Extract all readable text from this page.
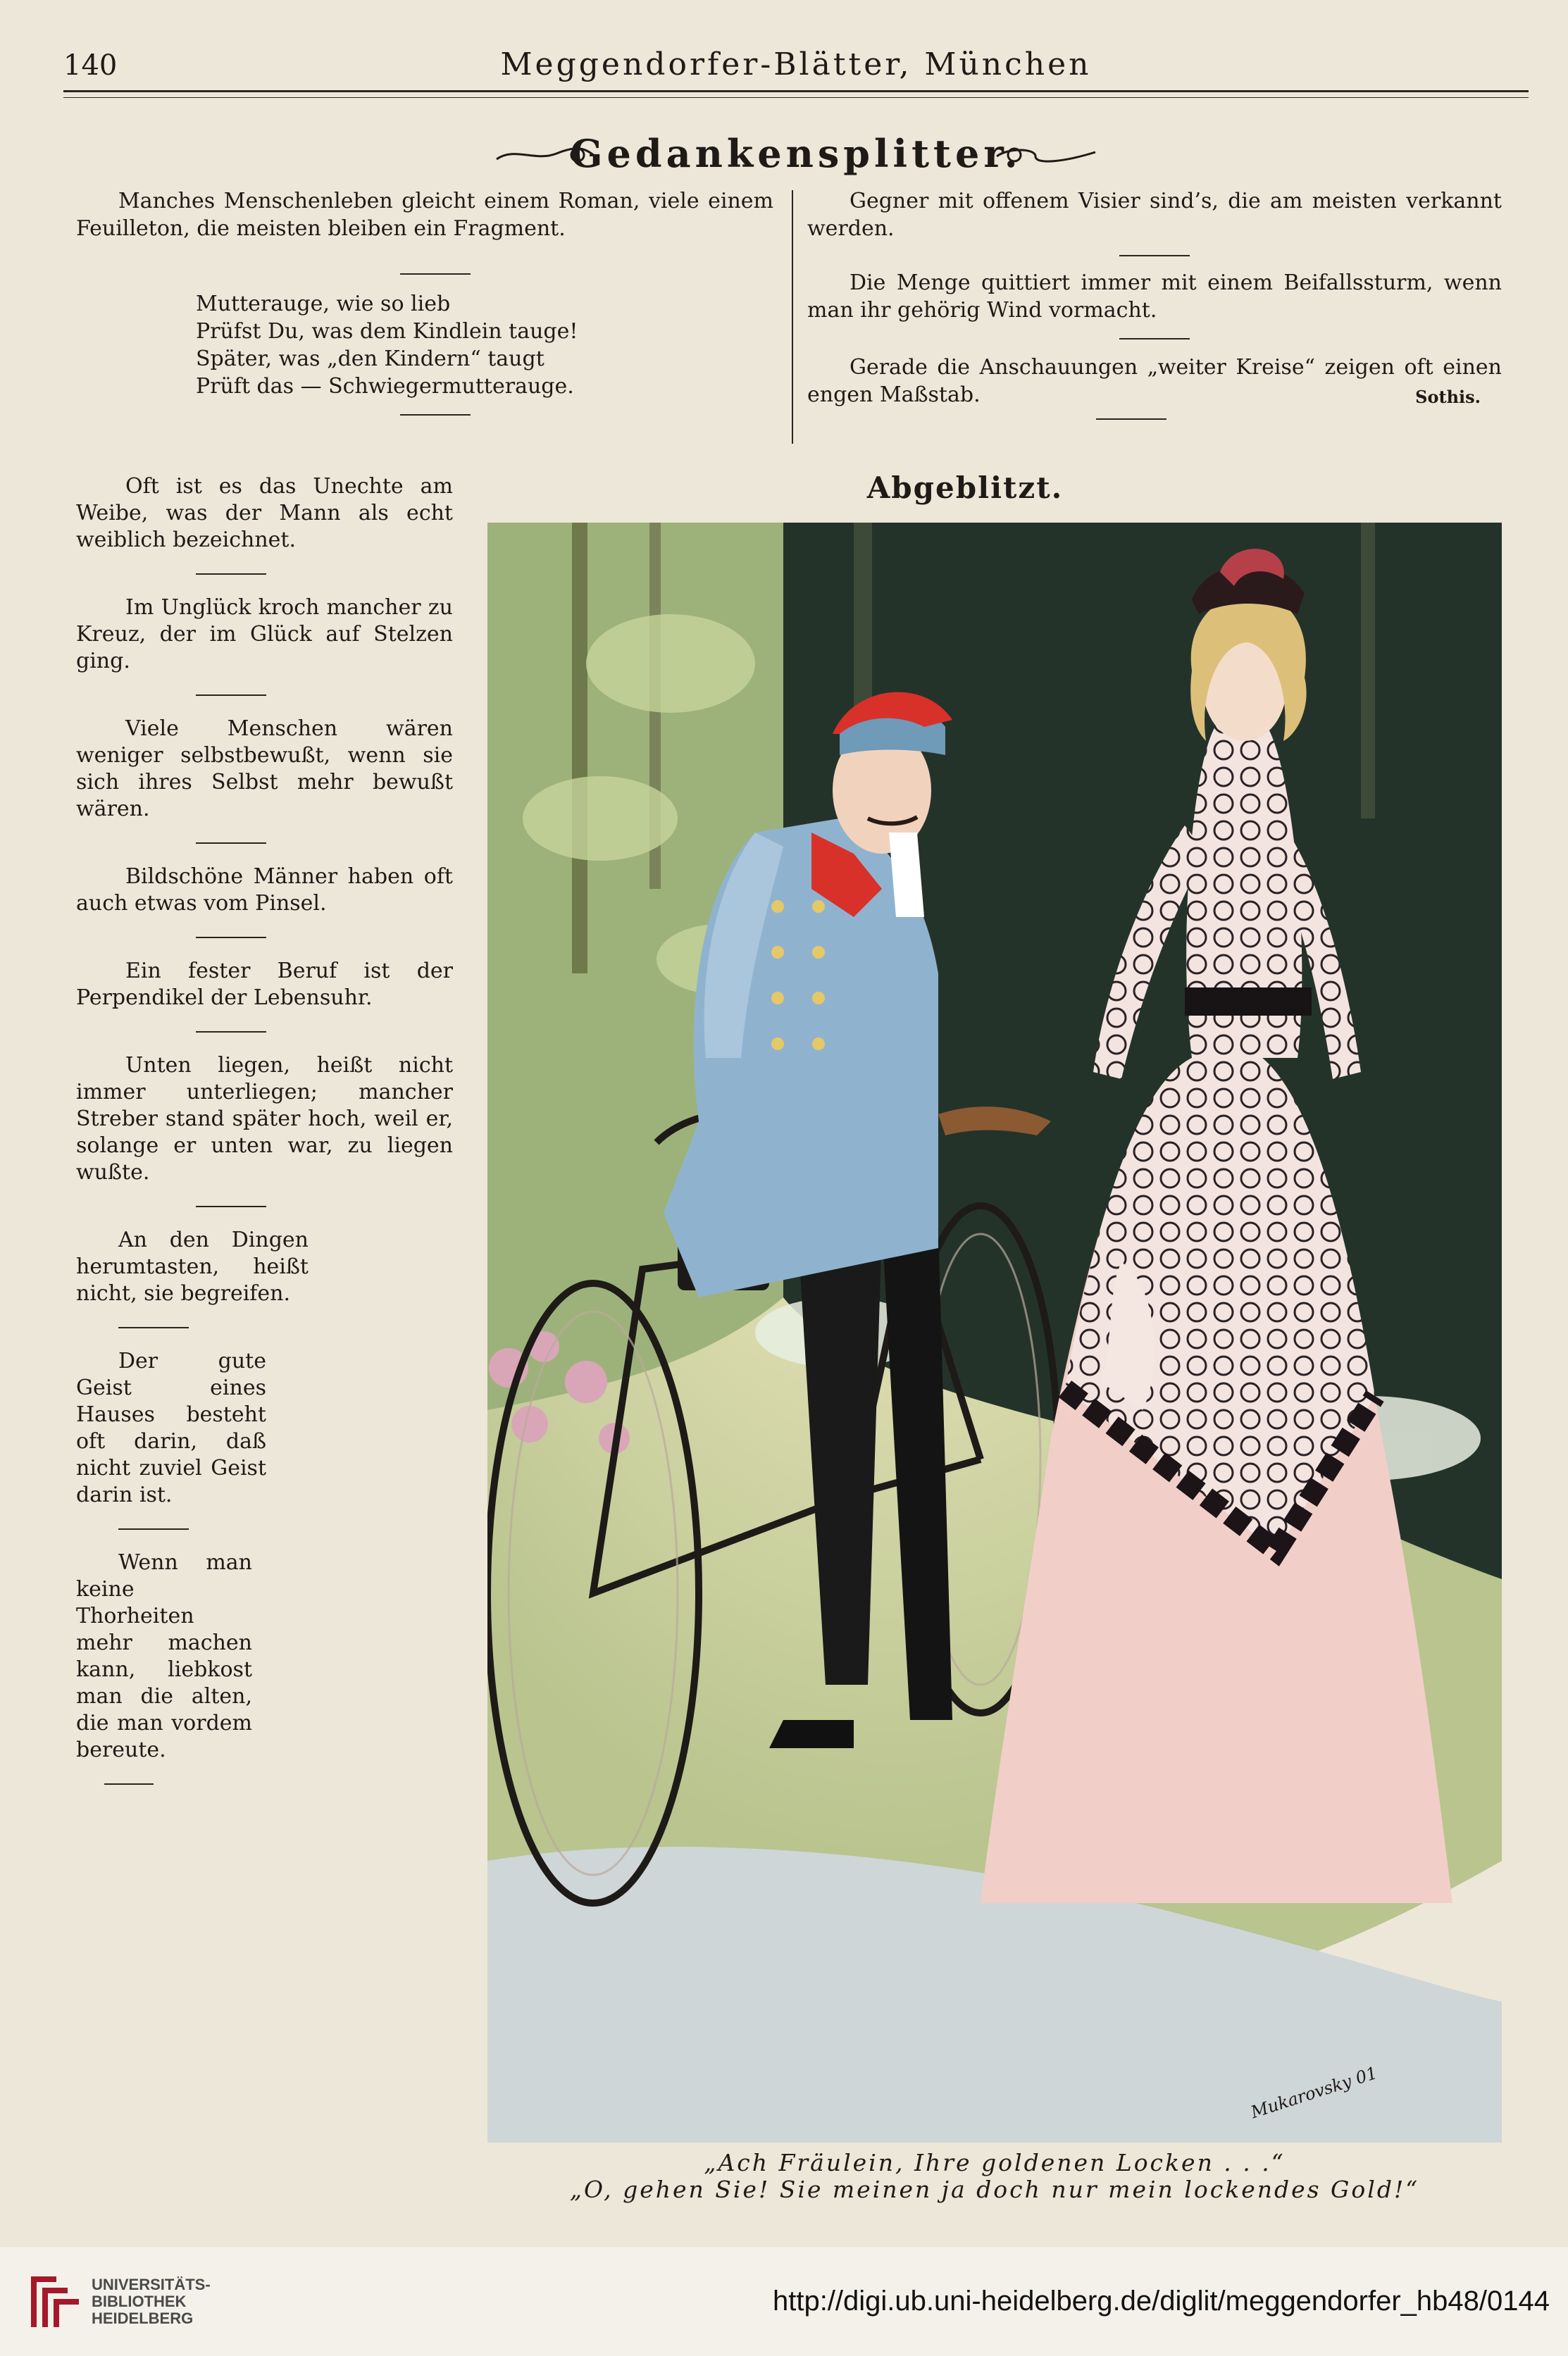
140	Meggendorfer-Blätter, München
Gedankensplitter.

Manches Menschenleben gleicht einem Roman, viele einem Feuilleton, die meisten bleiben ein Fragment.

Mutterauge, wie so lieb
Prüfst Du, was dem Kindlein tauge!
Später, was „den Kindern“ taugt
Prüft das — Schwiegermutterauge.

Gegner mit offenem Visier sind’s, die am meisten verkannt werden.

Die Menge quittiert immer mit einem Beifallssturm, wenn man ihr gehörig Wind vormacht.

Gerade die Anschauungen „weiter Kreise“ zeigen oft einen engen Maßstab.	Sothis.

Oft ist es das Unechte am Weibe, was der Mann als echt weiblich bezeichnet.

Im Unglück kroch mancher zu Kreuz, der im Glück auf Stelzen ging.

Viele Menschen wären weniger selbstbewußt, wenn sie sich ihres Selbst mehr bewußt wären.

Bildschöne Männer haben oft auch etwas vom Pinsel.

Ein fester Beruf ist der Perpendikel der Lebensuhr.

Unten liegen, heißt nicht immer unterliegen; mancher Streber stand später hoch, weil er, solange er unten war, zu liegen wußte.

An den Dingen herumtasten, heißt nicht, sie begreifen.

Der gute Geist eines Hauses besteht oft darin, daß nicht zuviel Geist darin ist.

Wenn man keine Thorheiten mehr machen kann, liebkost man die alten, die man vordem bereute.

Abgeblitzt.
Mukarovsky 01
„Ach Fräulein, Ihre goldenen Locken . . .“
„O, gehen Sie! Sie meinen ja doch nur mein lockendes Gold!“
UNIVERSITÄTS-
BIBLIOTHEK
HEIDELBERG
http://digi.ub.uni-heidelberg.de/diglit/meggendorfer_hb48/0144
